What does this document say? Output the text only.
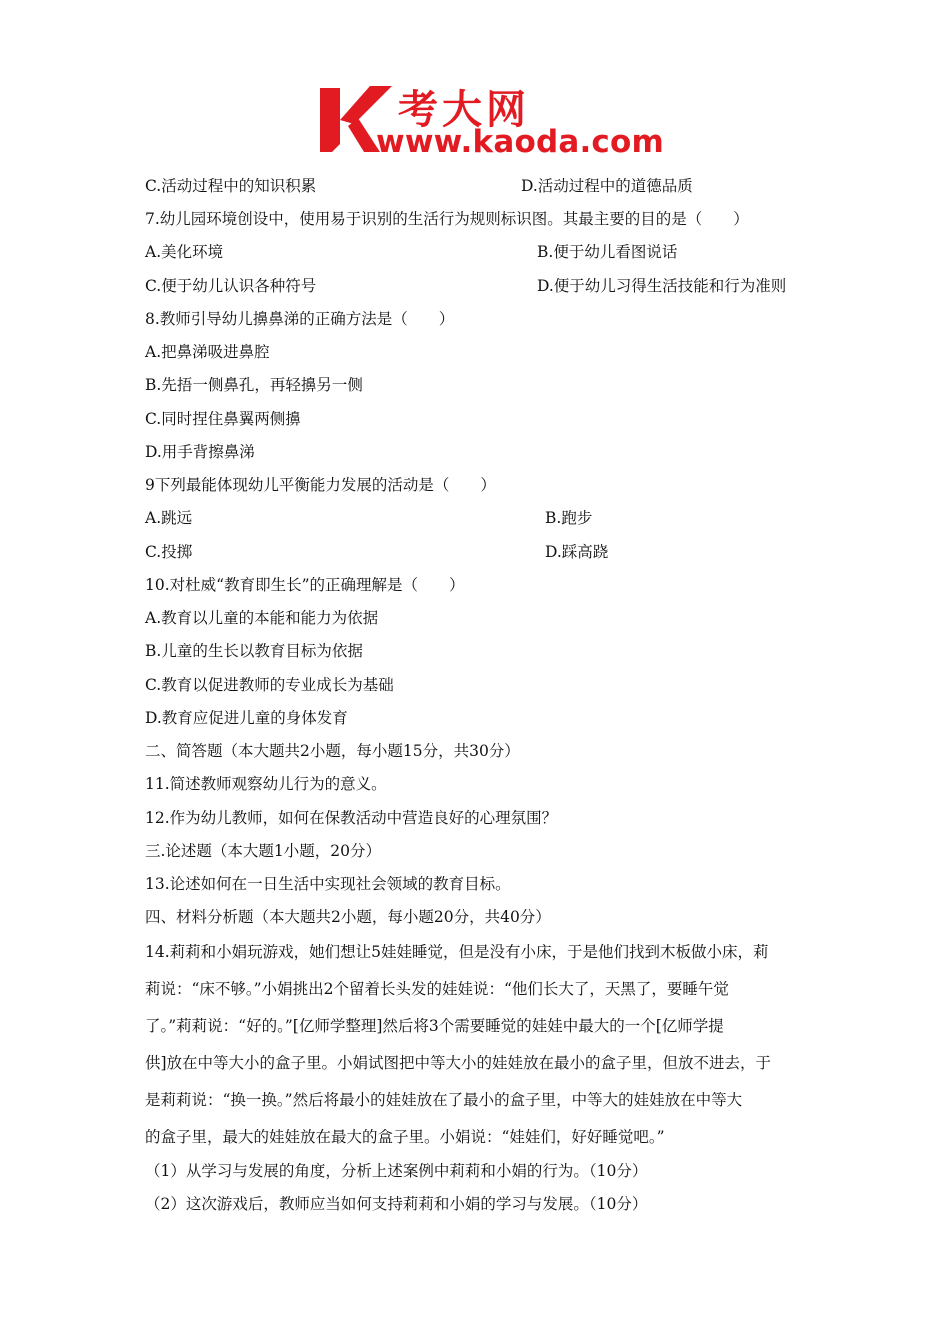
考大网
www.kaoda.com
C.活动过程中的知识积累	D.活动过程中的道德品质
7.幼儿园环境创设中，使用易于识别的生活行为规则标识图。其最主要的目的是（　　）
A.美化环境	B.便于幼儿看图说话
C.便于幼儿认识各种符号	D.便于幼儿习得生活技能和行为准则
8.教师引导幼儿擤鼻涕的正确方法是（　　）
A.把鼻涕吸进鼻腔
B.先捂一侧鼻孔，再轻擤另一侧
C.同时捏住鼻翼两侧擤
D.用手背擦鼻涕
9下列最能体现幼儿平衡能力发展的活动是（　　）
A.跳远	B.跑步
C.投掷	D.踩高跷
10.对杜威“教育即生长”的正确理解是（　　）
A.教育以儿童的本能和能力为依据
B.儿童的生长以教育目标为依据
C.教育以促进教师的专业成长为基础
D.教育应促进儿童的身体发育
二、简答题（本大题共2小题，每小题15分，共30分）
11.简述教师观察幼儿行为的意义。
12.作为幼儿教师，如何在保教活动中营造良好的心理氛围？
三.论述题（本大题1小题，20分）
13.论述如何在一日生活中实现社会领域的教育目标。
四、材料分析题（本大题共2小题，每小题20分，共40分）
14.莉莉和小娟玩游戏，她们想让5娃娃睡觉，但是没有小床，于是他们找到木板做小床，莉
莉说：“床不够。”小娟挑出2个留着长头发的娃娃说：“他们长大了，天黑了，要睡午觉
了。”莉莉说：“好的。”[亿师学整理]然后将3个需要睡觉的娃娃中最大的一个[亿师学提
供]放在中等大小的盒子里。小娟试图把中等大小的娃娃放在最小的盒子里，但放不进去，于
是莉莉说：“换一换。”然后将最小的娃娃放在了最小的盒子里，中等大的娃娃放在中等大
的盒子里，最大的娃娃放在最大的盒子里。小娟说：“娃娃们，好好睡觉吧。”
（1）从学习与发展的角度，分析上述案例中莉莉和小娟的行为。（10分）
（2）这次游戏后，教师应当如何支持莉莉和小娟的学习与发展。（10分）
